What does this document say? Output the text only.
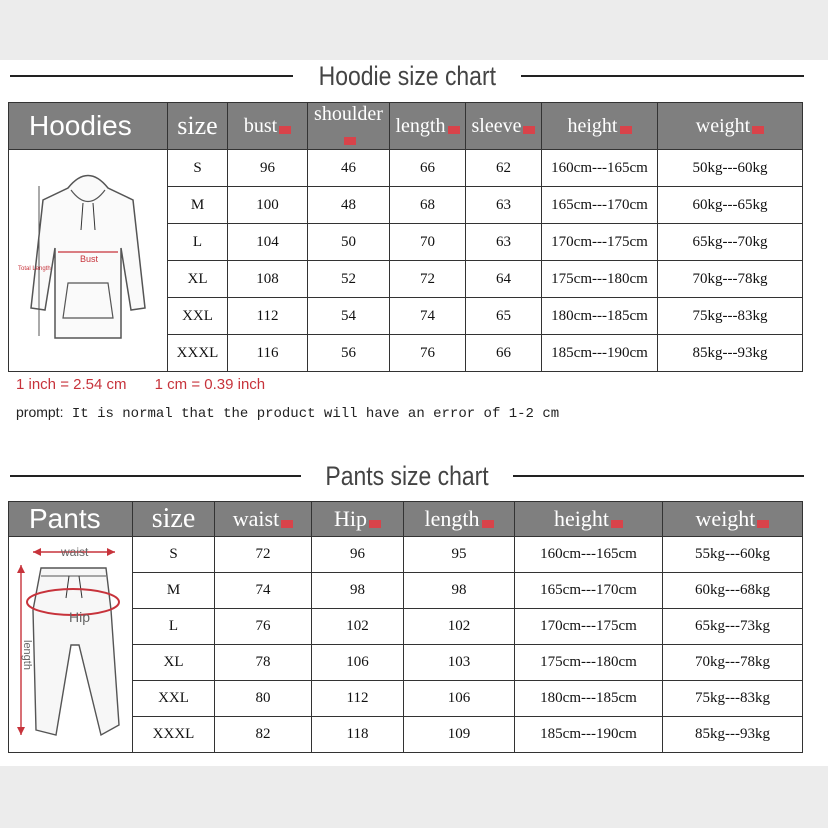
Hoodie size chart
Hoodies	size	bust	shoulder	length	sleeve	height	weight

Bust
Total Length	S	96	46	66	62	160cm---165cm	50kg---60kg
	M	100	48	68	63	165cm---170cm	60kg---65kg
	L	104	50	70	63	170cm---175cm	65kg---70kg
	XL	108	52	72	64	175cm---180cm	70kg---78kg
	XXL	112	54	74	65	180cm---185cm	75kg---83kg
	XXXL	116	56	76	66	185cm---190cm	85kg---93kg
1 inch = 2.54 cm 1 cm = 0.39 inch
prompt: It is normal that the product will have an error of 1-2 cm
Pants size chart
Pants	size	waist	Hip	length	height	weight

waist
Hip
length	S	72	96	95	160cm---165cm	55kg---60kg
	M	74	98	98	165cm---170cm	60kg---68kg
	L	76	102	102	170cm---175cm	65kg---73kg
	XL	78	106	103	175cm---180cm	70kg---78kg
	XXL	80	112	106	180cm---185cm	75kg---83kg
	XXXL	82	118	109	185cm---190cm	85kg---93kg
